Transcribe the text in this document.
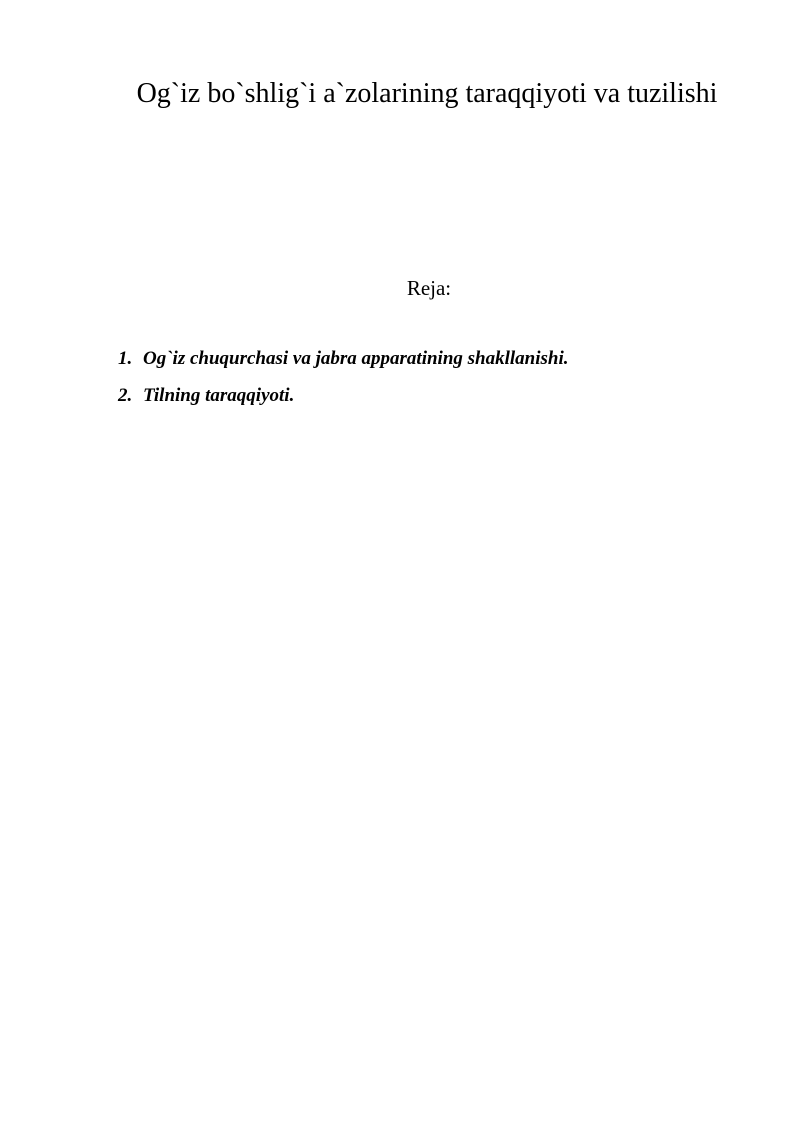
Og`iz bo`shlig`i a`zolarining taraqqiyoti va tuzilishi

Reja:

1. Og`iz chuqurchasi va jabra apparatining shakllanishi.
2. Tilning taraqqiyoti.
